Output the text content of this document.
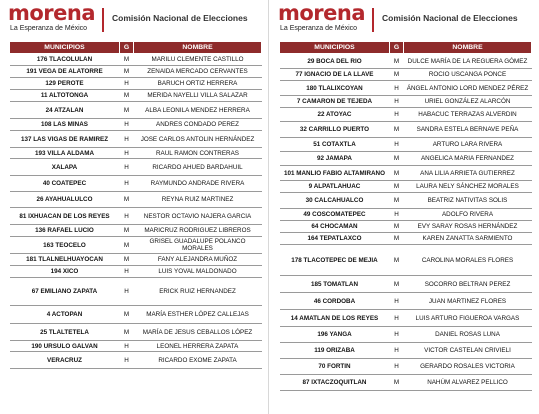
morena
La Esperanza de México
Comisión Nacional de Elecciones
MUNICIPIOS	G	NOMBRE
176 TLACOLULAN	M	MARILU CLEMENTE CASTILLO
191 VEGA DE ALATORRE	M	ZENAIDA MERCADO CERVANTES
129 PEROTE	H	BARUCH ORTIZ HERRERA
11 ALTOTONGA	M	MERIDA NAYELLI VILLA SALAZAR
24 ATZALAN	M	ALBA LEONILA MENDEZ HERRERA
108 LAS MINAS	H	ANDRES CONDADO PEREZ
137 LAS VIGAS DE RAMIREZ	H	JOSE CARLOS ANTOLIN HERNÁNDEZ
193 VILLA ALDAMA	H	RAUL RAMON CONTRERAS
XALAPA	H	RICARDO AHUED BARDAHUIL
40 COATEPEC	H	RAYMUNDO ANDRADE RIVERA
26 AYAHUALULCO	M	REYNA RUIZ MARTINEZ
81 IXHUACAN DE LOS REYES	H	NESTOR OCTAVIO NAJERA GARCIA
136 RAFAEL LUCIO	M	MARICRUZ RODRIGUEZ LIBREROS
163 TEOCELO	M	GRISEL GUADALUPE POLANCO MORALES
181 TLALNELHUAYOCAN	M	FANY ALEJANDRA MUÑOZ
194 XICO	H	LUIS YOVAL MALDONADO
67 EMILIANO ZAPATA	H	ERICK RUIZ HERNANDEZ
4 ACTOPAN	M	MARÍA ESTHER LÓPEZ CALLEJAS
25 TLALTETELA	M	MARÍA DE JESUS CEBALLOS LÓPEZ
190 URSULO GALVAN	H	LEONEL HERRERA ZAPATA
VERACRUZ	H	RICARDO EXOME ZAPATA
morena
La Esperanza de México
Comisión Nacional de Elecciones
MUNICIPIOS	G	NOMBRE
29 BOCA DEL RIO	M	DULCE MARÍA DE LA REGUERA GÓMEZ
77 IGNACIO DE LA LLAVE	M	ROCIO USCANGA PONCE
180 TLALIXCOYAN	H	ÁNGEL ANTONIO LORD MENDEZ PÉREZ
7 CAMARON DE TEJEDA	H	URIEL GONZÁLEZ ALARCÓN
22 ATOYAC	H	HABACUC TERRAZAS ALVERDIN
32 CARRILLO PUERTO	M	SANDRA ESTELA BERNAVE PEÑA
51 COTAXTLA	H	ARTURO LARA RIVERA
92 JAMAPA	M	ANGELICA MARIA FERNANDEZ
101 MANLIO FABIO ALTAMIRANO	M	ANA LILIA ARRIETA GUTIERREZ
9 ALPATLAHUAC	M	LAURA NELY SÁNCHEZ MORALES
30 CALCAHUALCO	M	BEATRIZ NATIVITAS SOLIS
49 COSCOMATEPEC	H	ADOLFO RIVERA
64 CHOCAMAN	M	EVY SARAY ROSAS HERNÁNDEZ
164 TEPATLAXCO	M	KAREN ZANATTA SARMIENTO
178 TLACOTEPEC DE MEJIA	M	CAROLINA MORALES FLORES
185 TOMATLAN	M	SOCORRO BELTRAN PEREZ
46 CORDOBA	H	JUAN MARTINEZ FLORES
14 AMATLAN DE LOS REYES	H	LUIS ARTURO FIGUEROA VARGAS
196 YANGA	H	DANIEL ROSAS LUNA
119 ORIZABA	H	VICTOR CASTELAN CRIVIELI
70 FORTIN	H	GERARDO ROSALES VICTORIA
87 IXTACZOQUITLAN	M	NAHÚM ALVAREZ PELLICO
